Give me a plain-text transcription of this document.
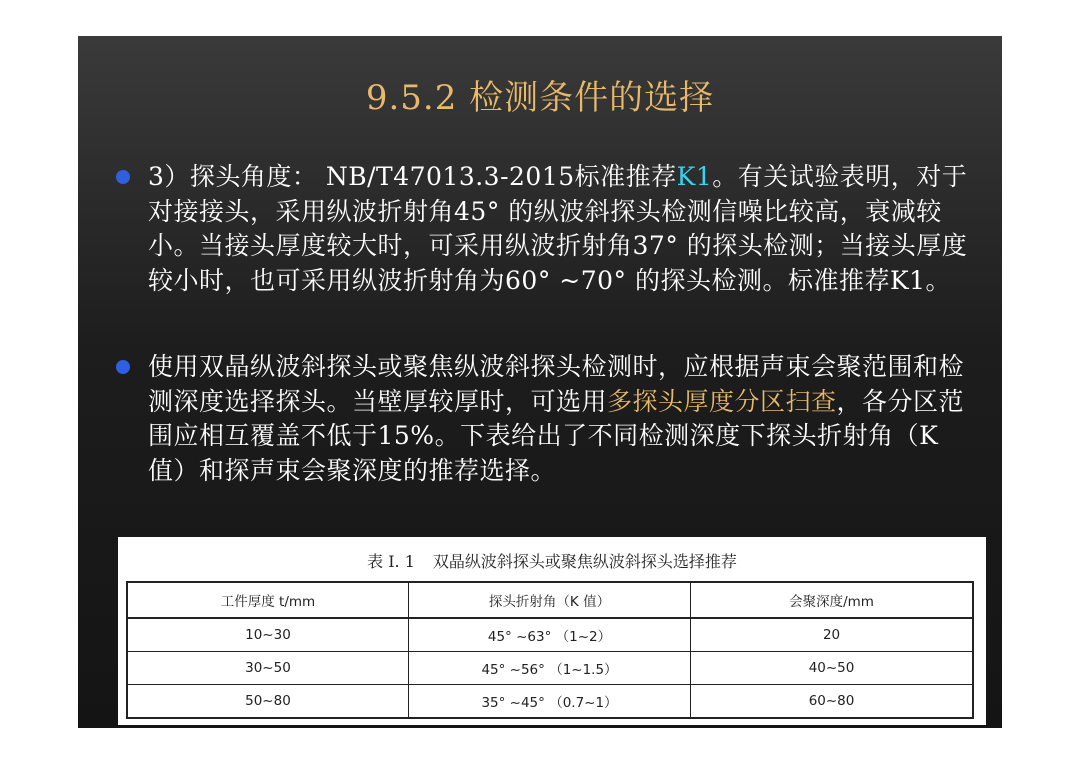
9.5.2 检测条件的选择
3）探头角度： NB/T47013.3-2015标准推荐K1。有关试验表明，对于对接接头，采用纵波折射角45° 的纵波斜探头检测信噪比较高，衰减较小。当接头厚度较大时，可采用纵波折射角37° 的探头检测；当接头厚度较小时，也可采用纵波折射角为60° ~70° 的探头检测。标准推荐K1。
使用双晶纵波斜探头或聚焦纵波斜探头检测时，应根据声束会聚范围和检测深度选择探头。当壁厚较厚时，可选用多探头厚度分区扫查，各分区范围应相互覆盖不低于15%。下表给出了不同检测深度下探头折射角（K值）和探声束会聚深度的推荐选择。
表 I. 1 双晶纵波斜探头或聚焦纵波斜探头选择推荐
工件厚度 t/mm	探头折射角（K 值）	会聚深度/mm
10~30	45° ~63° （1~2）	20
30~50	45° ~56° （1~1.5）	40~50
50~80	35° ~45° （0.7~1）	60~80
